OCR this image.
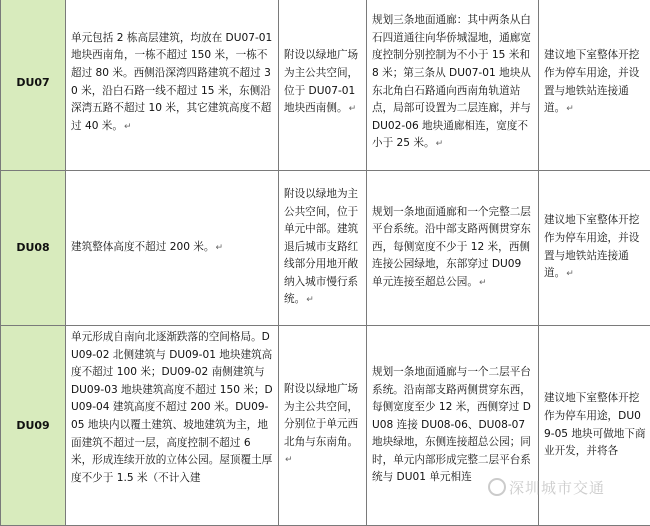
DU07	单元包括 2 栋高层建筑，均放在 DU07-01 地块西南角，一栋不超过 150 米，一栋不超过 80 米。西侧沿深湾四路建筑不超过 30 米，沿白石路一线不超过 15 米，东侧沿深湾五路不超过 10 米，其它建筑高度不超过 40 米。↵	附设以绿地广场为主公共空间，位于 DU07-01 地块西南侧。↵	规划三条地面通廊：其中两条从白石四道通往向华侨城湿地，通廊宽度控制分别控制为不小于 15 米和 8 米；第三条从 DU07-01 地块从东北角白石路通向西南角轨道站点，局部可设置为二层连廊，并与 DU02-06 地块通廊相连，宽度不小于 25 米。↵	建议地下室整体开挖作为停车用途，并设置与地铁站连接通道。↵
DU08	建筑整体高度不超过 200 米。↵	附设以绿地为主公共空间，位于单元中部。建筑退后城市支路红线部分用地开敞纳入城市慢行系统。↵	规划一条地面通廊和一个完整二层平台系统。沿中部支路两侧贯穿东西，每侧宽度不少于 12 米，西侧连接公园绿地，东部穿过 DU09 单元连接至超总公园。↵	建议地下室整体开挖作为停车用途，并设置与地铁站连接通道。↵
DU09	单元形成自南向北逐渐跌落的空间格局。DU09-02 北侧建筑与 DU09-01 地块建筑高度不超过 100 米；DU09-02 南侧建筑与 DU09-03 地块建筑高度不超过 150 米；DU09-04 建筑高度不超过 200 米。DU09-05 地块内以覆土建筑、坡地建筑为主，地面建筑不超过一层，高度控制不超过 6 米，形成连续开放的立体公园。屋顶覆土厚度不少于 1.5 米（不计入建	附设以绿地广场为主公共空间，分别位于单元西北角与东南角。↵	规划一条地面通廊与一个二层平台系统。沿南部支路两侧贯穿东西，每侧宽度至少 12 米，西侧穿过 DU08 连接 DU08-06、DU08-07 地块绿地，东侧连接超总公园；同时，单元内部形成完整二层平台系统与 DU01 单元相连	建议地下室整体开挖作为停车用途，DU09-05 地块可做地下商业开发，并将各
深圳城市交通
